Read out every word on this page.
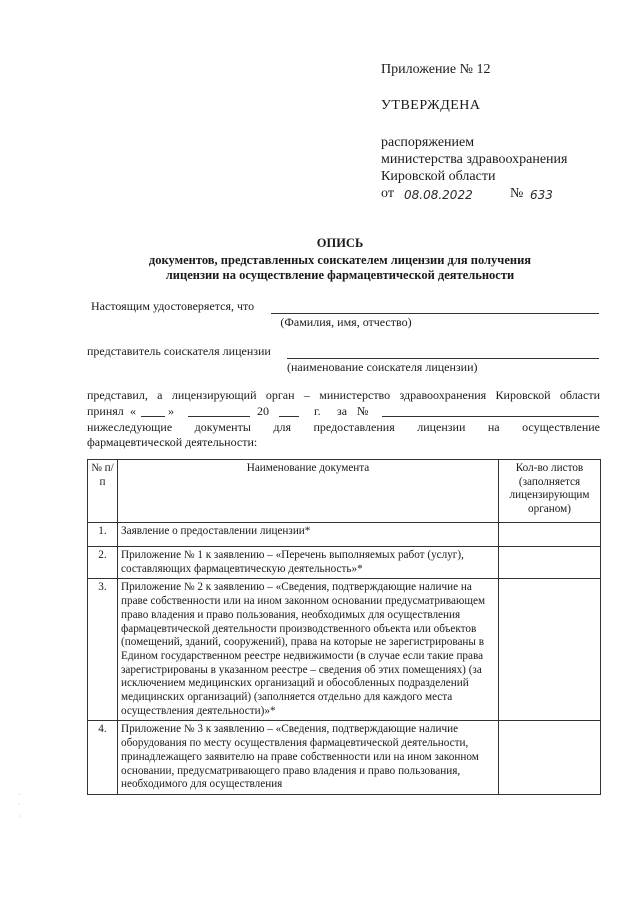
Приложение № 12
УТВЕРЖДЕНА
распоряжением
министерства здравоохранения
Кировской области
от 08.08.2022	№ 633
ОПИСЬ
документов, представленных соискателем лицензии для получения
лицензии на осуществление фармацевтической деятельности
Настоящим удостоверяется, что
(Фамилия, имя, отчество)
представитель соискателя лицензии
(наименование соискателя лицензии)
представил, а лицензирующий орган – министерство здравоохранения Кировской области
принял «	»	20	г. за №
нижеследующие документы для предоставления лицензии на осуществление
фармацевтической деятельности:
№ п/п	Наименование документа	Кол-во листов (заполняется лицензирующим органом)
1.	Заявление о предоставлении лицензии*	
2.	Приложение № 1 к заявлению – «Перечень выполняемых работ (услуг), составляющих фармацевтическую деятельность»*	
3.	Приложение № 2 к заявлению – «Сведения, подтверждающие наличие на праве собственности или на ином законном основании предусматривающем право владения и право пользования, необходимых для осуществления фармацевтической деятельности производственного объекта или объектов (помещений, зданий, сооружений), права на которые не зарегистрированы в Едином государственном реестре недвижимости (в случае если такие права зарегистрированы в указанном реестре – сведения об этих помещениях) (за исключением медицинских организаций и обособленных подразделений медицинских организаций) (заполняется отдельно для каждого места осуществления деятельности)»*	
4.	Приложение № 3 к заявлению – «Сведения, подтверждающие наличие оборудования по месту осуществления фармацевтической деятельности, принадлежащего заявителю на праве собственности или на ином законном основании, предусматривающего право владения и право пользования, необходимого для осуществления	
·
·
·
